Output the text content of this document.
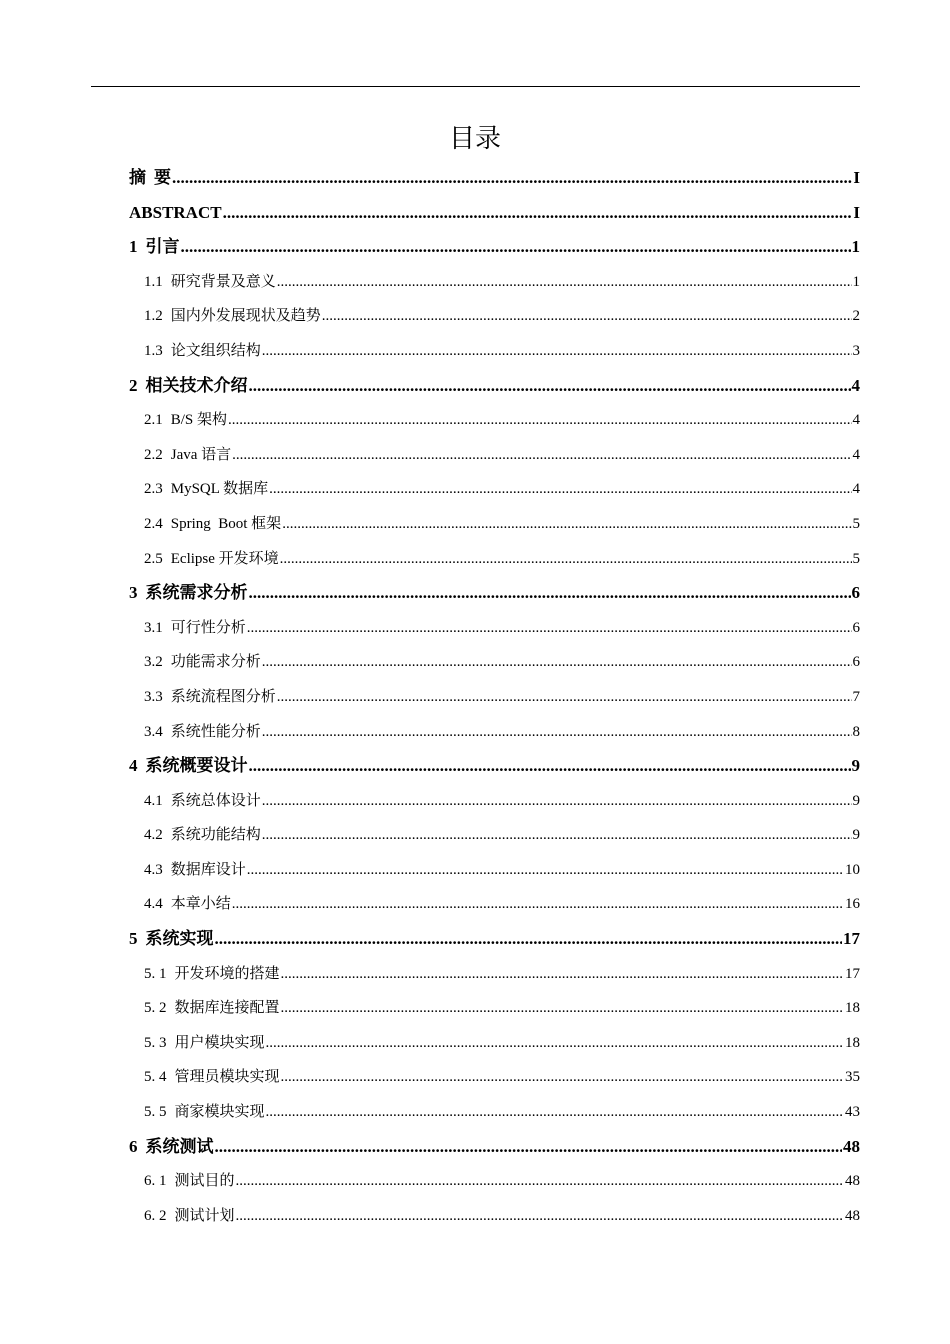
目录
摘 要 .....	I
ABSTRACT .....	I
1 引言 .....	1
1.1 研究背景及意义 .....	1
1.2 国内外发展现状及趋势 .....	2
1.3 论文组织结构 .....	3
2 相关技术介绍 .....	4
2.1 B/S 架构 .....	4
2.2 Java 语言 .....	4
2.3 MySQL 数据库 .....	4
2.4 Spring  Boot 框架 .....	5
2.5 Eclipse 开发环境 .....	5
3 系统需求分析 .....	6
3.1 可行性分析 .....	6
3.2 功能需求分析 .....	6
3.3 系统流程图分析 .....	7
3.4 系统性能分析 .....	8
4 系统概要设计 .....	9
4.1 系统总体设计 .....	9
4.2 系统功能结构 .....	9
4.3 数据库设计 .....	10
4.4 本章小结 .....	16
5 系统实现 .....	17
5. 1 开发环境的搭建 .....	17
5. 2 数据库连接配置 .....	18
5. 3 用户模块实现 .....	18
5. 4 管理员模块实现 .....	35
5. 5 商家模块实现 .....	43
6 系统测试 .....	48
6. 1 测试目的 .....	48
6. 2 测试计划 .....	48
